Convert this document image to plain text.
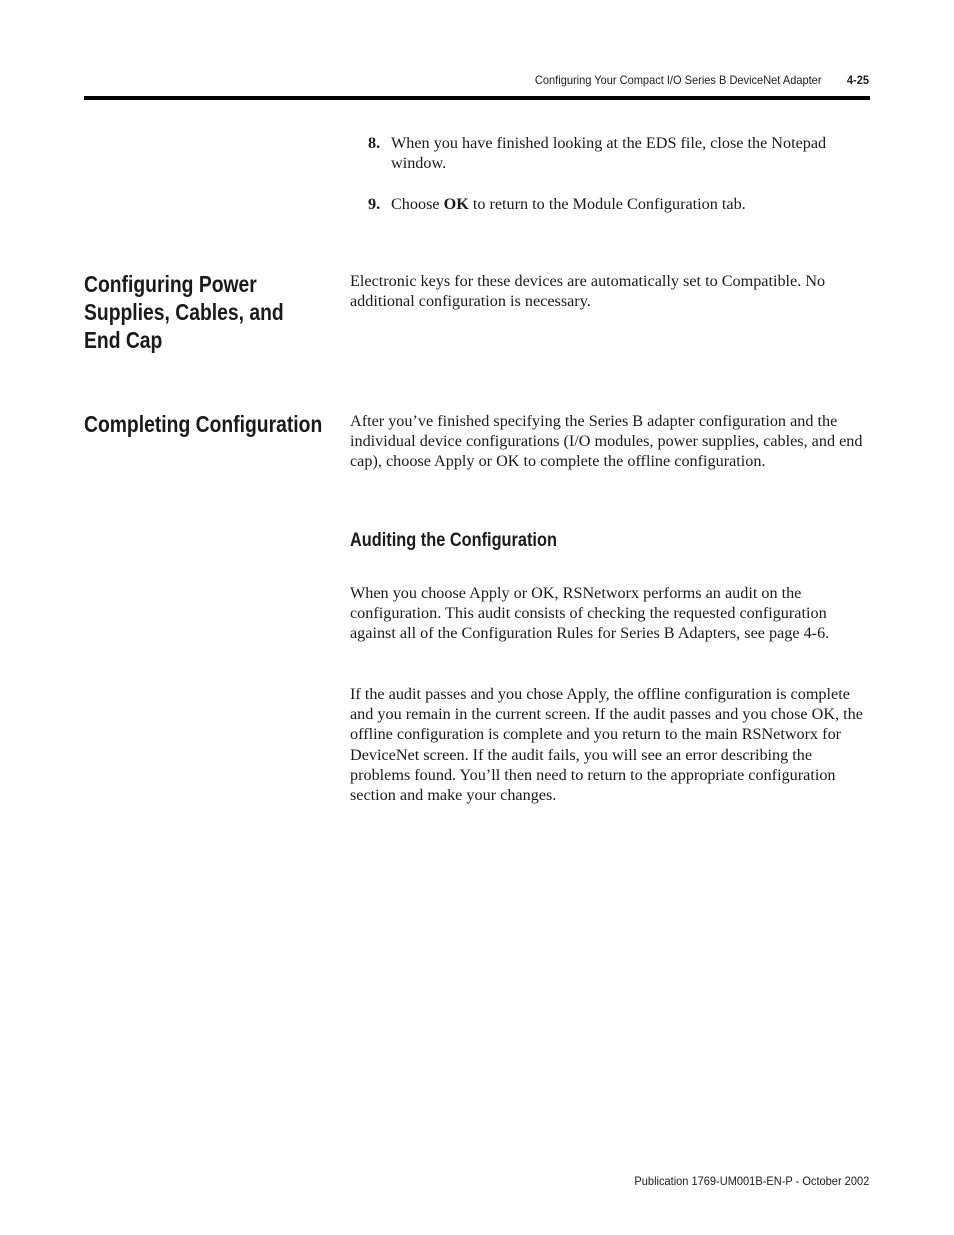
Configuring Your Compact I/O Series B DeviceNet Adapter 4-25
8. When you have finished looking at the EDS file, close the Notepad window.
9. Choose OK to return to the Module Configuration tab.
Configuring Power
Supplies, Cables, and
End Cap

Electronic keys for these devices are automatically set to Compatible. No additional configuration is necessary.

Completing Configuration After you’ve finished specifying the Series B adapter configuration and the individual device configurations (I/O modules, power supplies, cables, and end cap), choose Apply or OK to complete the offline configuration.

Auditing the Configuration

When you choose Apply or OK, RSNetworx performs an audit on the configuration. This audit consists of checking the requested configuration against all of the Configuration Rules for Series B Adapters, see page 4-6.

If the audit passes and you chose Apply, the offline configuration is complete and you remain in the current screen. If the audit passes and you chose OK, the offline configuration is complete and you return to the main RSNetworx for DeviceNet screen. If the audit fails, you will see an error describing the problems found. You’ll then need to return to the appropriate configuration section and make your changes.

Publication 1769-UM001B-EN-P - October 2002
